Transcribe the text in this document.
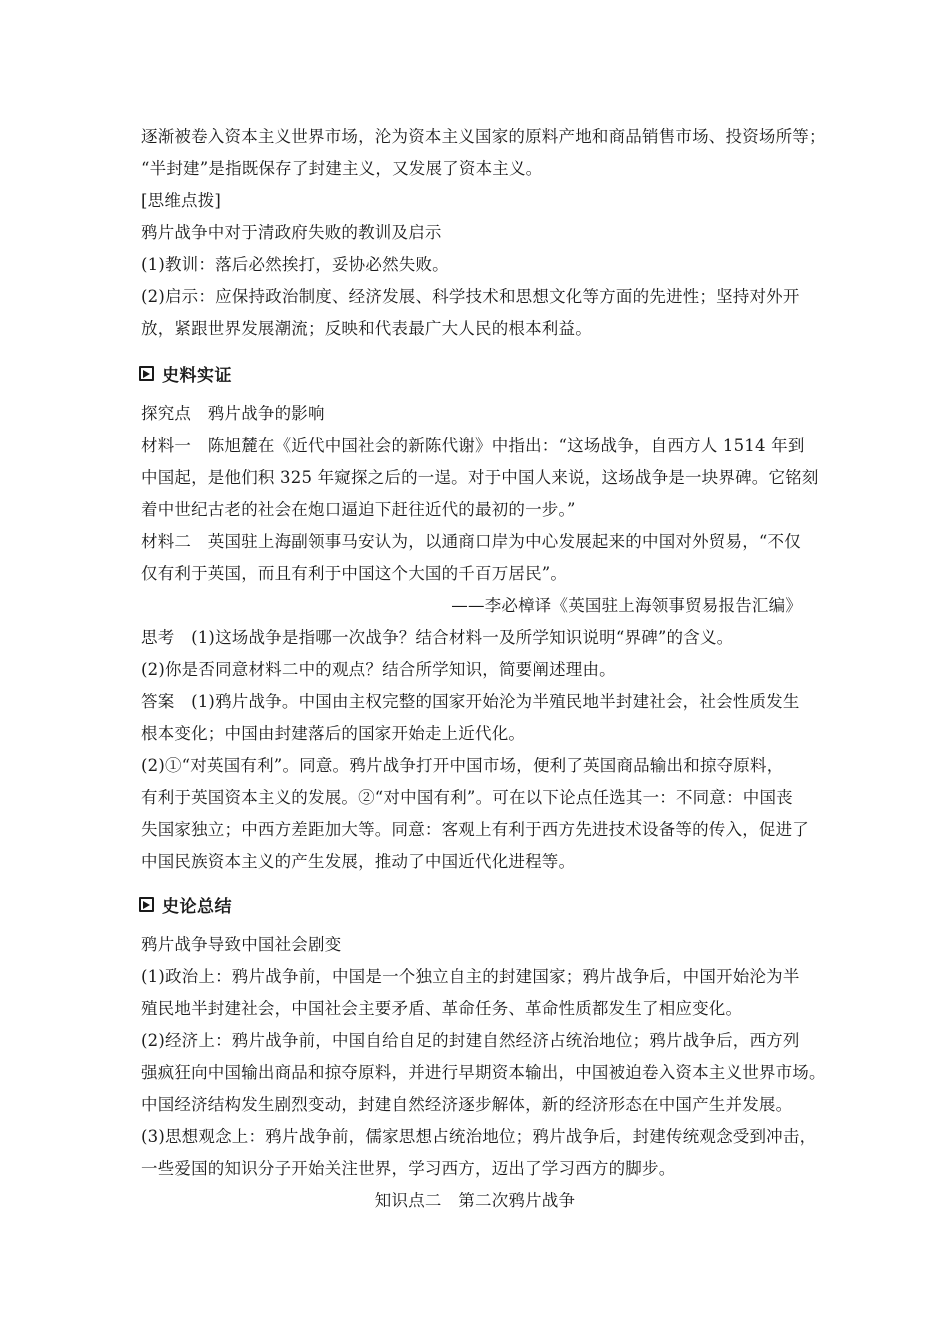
逐渐被卷入资本主义世界市场，沦为资本主义国家的原料产地和商品销售市场、投资场所等；
“半封建”是指既保存了封建主义，又发展了资本主义。
[思维点拨]
鸦片战争中对于清政府失败的教训及启示
(1)教训：落后必然挨打，妥协必然失败。
(2)启示：应保持政治制度、经济发展、科学技术和思想文化等方面的先进性；坚持对外开
放，紧跟世界发展潮流；反映和代表最广大人民的根本利益。
史料实证
探究点　鸦片战争的影响
材料一　陈旭麓在《近代中国社会的新陈代谢》中指出：“这场战争，自西方人 1514 年到
中国起，是他们积 325 年窥探之后的一逞。对于中国人来说，这场战争是一块界碑。它铭刻
着中世纪古老的社会在炮口逼迫下赶往近代的最初的一步。”
材料二　英国驻上海副领事马安认为，以通商口岸为中心发展起来的中国对外贸易，“不仅
仅有利于英国，而且有利于中国这个大国的千百万居民”。
——李必樟译《英国驻上海领事贸易报告汇编》
思考　(1)这场战争是指哪一次战争？结合材料一及所学知识说明“界碑”的含义。
(2)你是否同意材料二中的观点？结合所学知识，简要阐述理由。
答案　(1)鸦片战争。中国由主权完整的国家开始沦为半殖民地半封建社会，社会性质发生
根本变化；中国由封建落后的国家开始走上近代化。
(2)①“对英国有利”。同意。鸦片战争打开中国市场，便利了英国商品输出和掠夺原料，
有利于英国资本主义的发展。②“对中国有利”。可在以下论点任选其一：不同意：中国丧
失国家独立；中西方差距加大等。同意：客观上有利于西方先进技术设备等的传入，促进了
中国民族资本主义的产生发展，推动了中国近代化进程等。
史论总结
鸦片战争导致中国社会剧变
(1)政治上：鸦片战争前，中国是一个独立自主的封建国家；鸦片战争后，中国开始沦为半
殖民地半封建社会，中国社会主要矛盾、革命任务、革命性质都发生了相应变化。
(2)经济上：鸦片战争前，中国自给自足的封建自然经济占统治地位；鸦片战争后，西方列
强疯狂向中国输出商品和掠夺原料，并进行早期资本输出，中国被迫卷入资本主义世界市场。
中国经济结构发生剧烈变动，封建自然经济逐步解体，新的经济形态在中国产生并发展。
(3)思想观念上：鸦片战争前，儒家思想占统治地位；鸦片战争后，封建传统观念受到冲击，
一些爱国的知识分子开始关注世界，学习西方，迈出了学习西方的脚步。
知识点二　第二次鸦片战争
